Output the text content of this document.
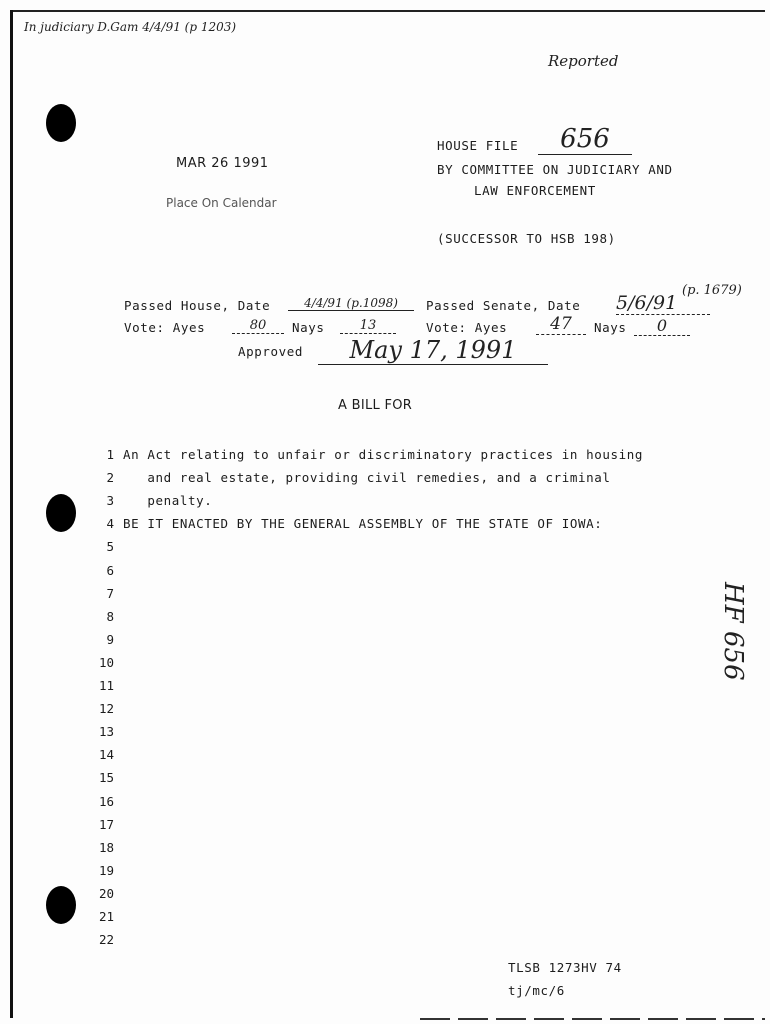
In judiciary D.Gam 4/4/91 (p 1203)
Reported
MAR 26 1991
Place On Calendar
HOUSE FILE	656
BY COMMITTEE ON JUDICIARY AND
LAW ENFORCEMENT
(SUCCESSOR TO HSB 198)
Passed House, Date	4/4/91 (p.1098)	Passed Senate, Date 5/6/91
(p. 1679)
Vote: Ayes	80	Nays	13	Vote: Ayes	47	Nays	0
Approved	May 17, 1991
A BILL FOR
1 An Act relating to unfair or discriminatory practices in housing
2 and real estate, providing civil remedies, and a criminal
3 penalty.
4 BE IT ENACTED BY THE GENERAL ASSEMBLY OF THE STATE OF IOWA:
5
6
7
8
9
10
11
12
13
14
15
16
17
18
19
20
21
22
HF 656
TLSB 1273HV 74
tj/mc/6
